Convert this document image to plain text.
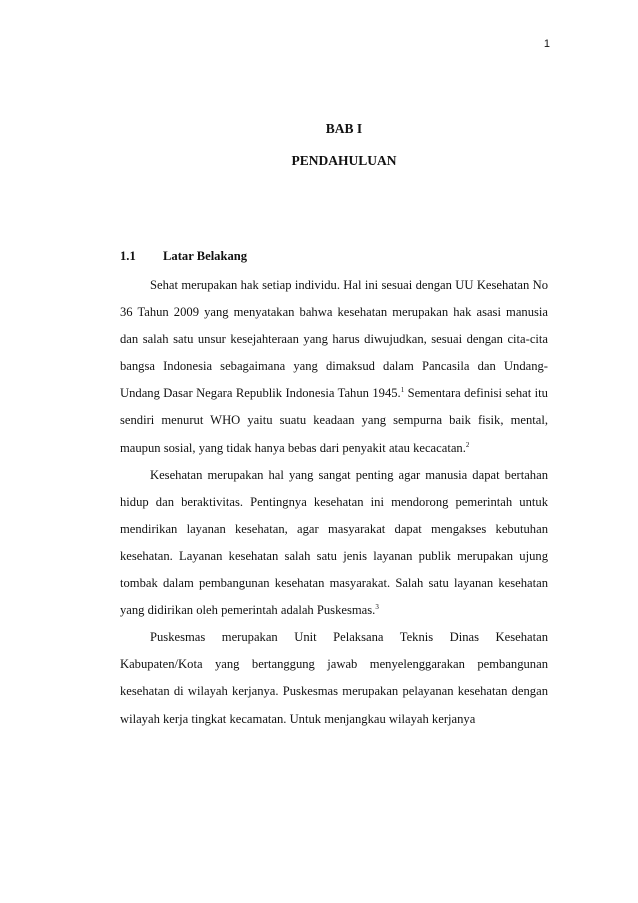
1
BAB I
PENDAHULUAN
1.1 Latar Belakang

Sehat merupakan hak setiap individu. Hal ini sesuai dengan UU Kesehatan No 36 Tahun 2009 yang menyatakan bahwa kesehatan merupakan hak asasi manusia dan salah satu unsur kesejahteraan yang harus diwujudkan, sesuai dengan cita-cita bangsa Indonesia sebagaimana yang dimaksud dalam Pancasila dan Undang-Undang Dasar Negara Republik Indonesia Tahun 1945.$^1$ Sementara definisi sehat itu sendiri menurut WHO yaitu suatu keadaan yang sempurna baik fisik, mental, maupun sosial, yang tidak hanya bebas dari penyakit atau kecacatan.$^2$

Kesehatan merupakan hal yang sangat penting agar manusia dapat bertahan hidup dan beraktivitas. Pentingnya kesehatan ini mendorong pemerintah untuk mendirikan layanan kesehatan, agar masyarakat dapat mengakses kebutuhan kesehatan. Layanan kesehatan salah satu jenis layanan publik merupakan ujung tombak dalam pembangunan kesehatan masyarakat. Salah satu layanan kesehatan yang didirikan oleh pemerintah adalah Puskesmas.$^3$

Puskesmas merupakan Unit Pelaksana Teknis Dinas Kesehatan Kabupaten/Kota yang bertanggung jawab menyelenggarakan pembangunan kesehatan di wilayah kerjanya. Puskesmas merupakan pelayanan kesehatan dengan wilayah kerja tingkat kecamatan. Untuk menjangkau wilayah kerjanya
